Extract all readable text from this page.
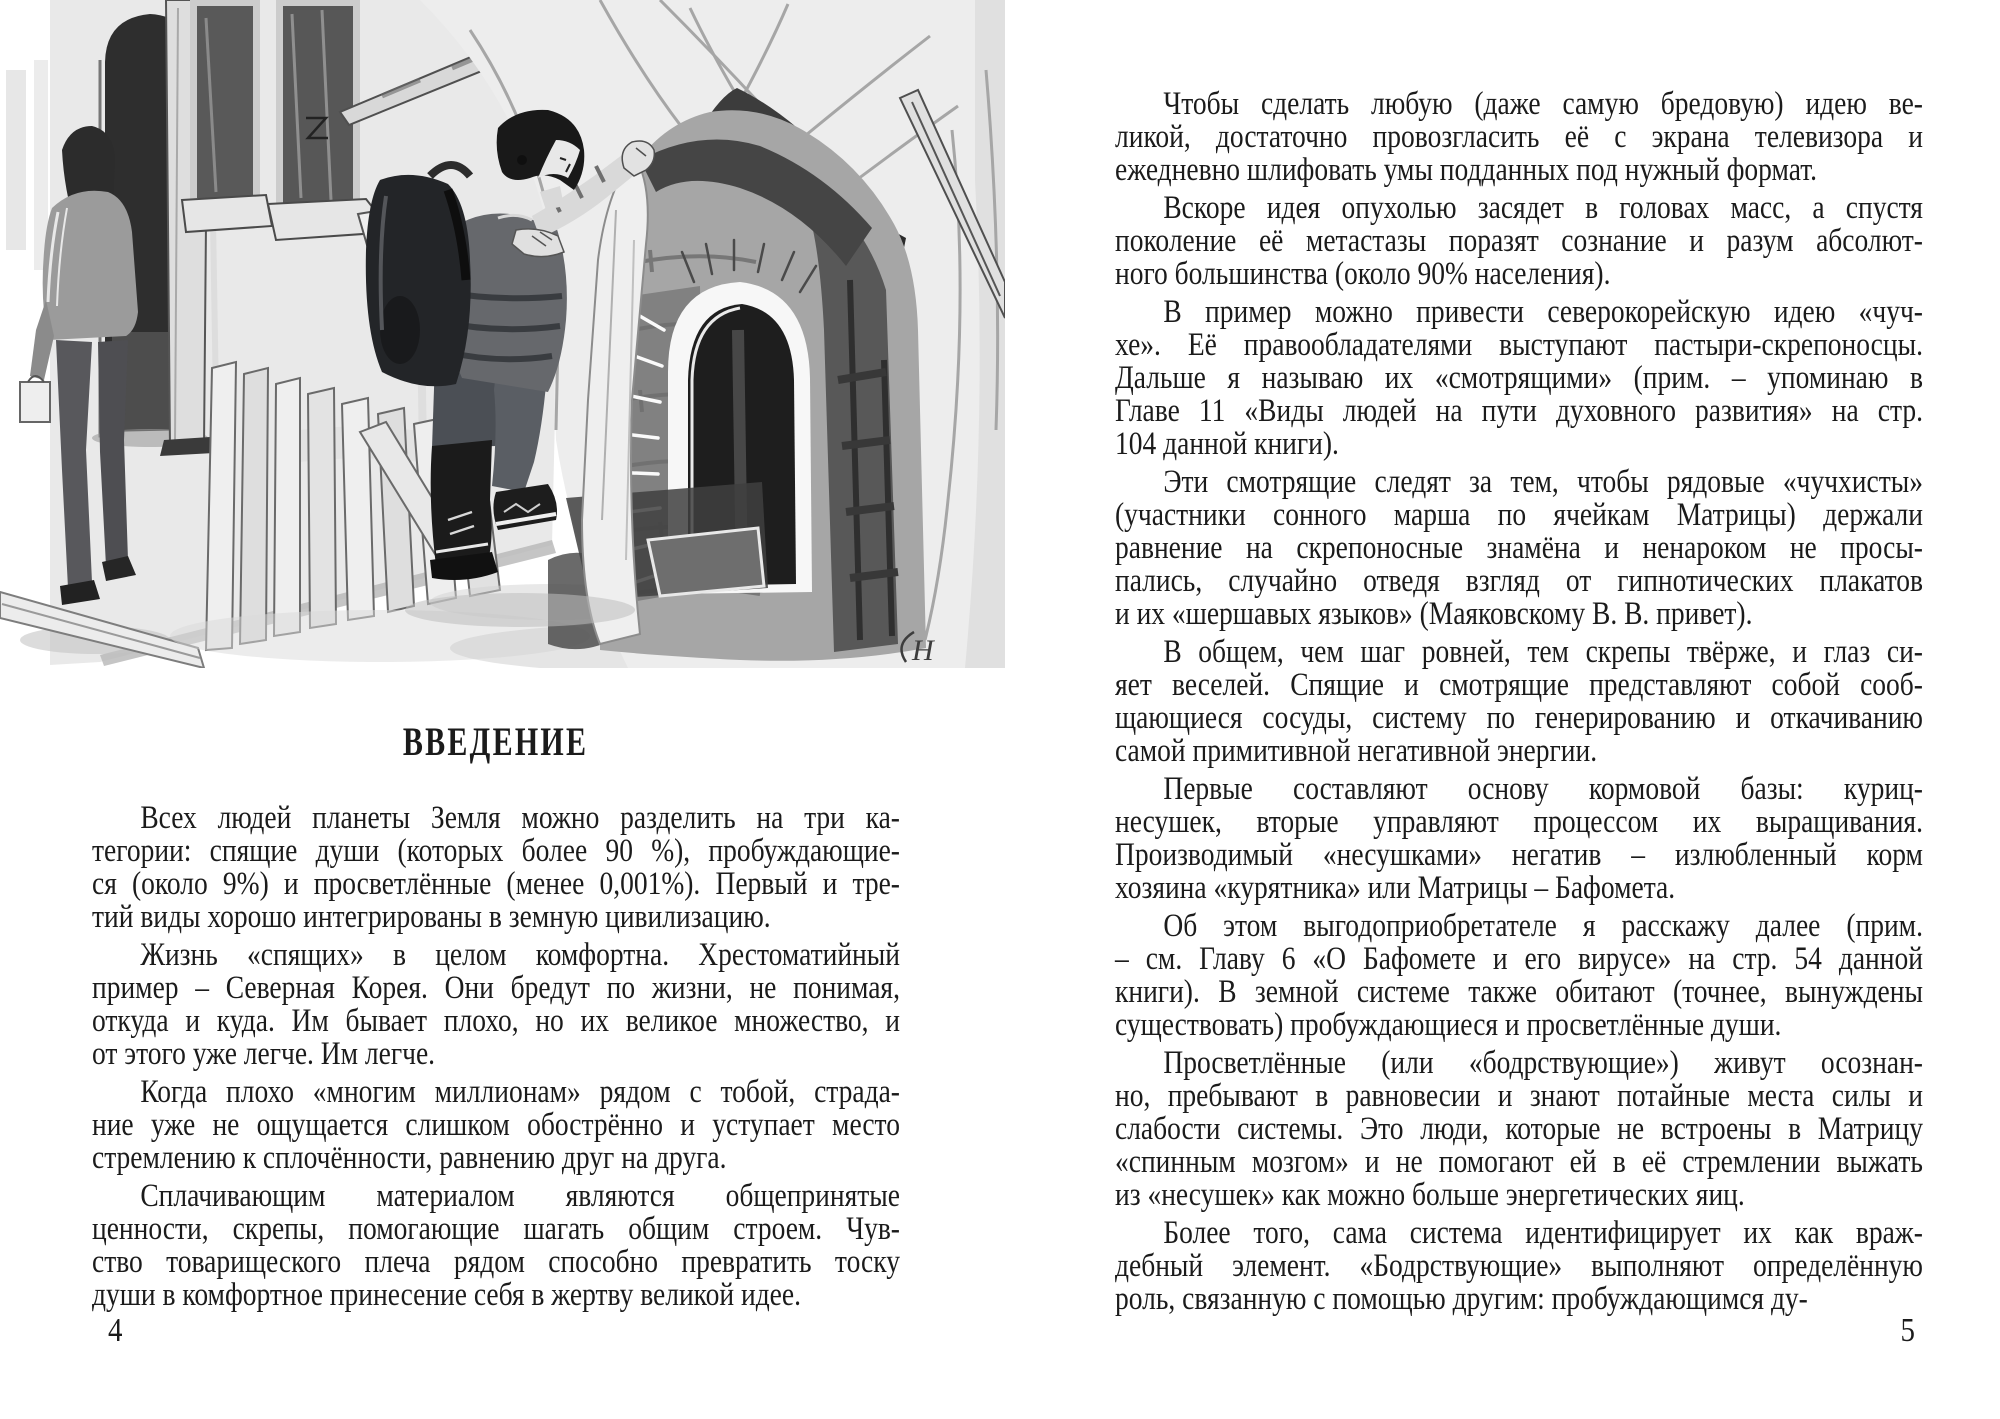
Н
ВВЕДЕНИЕ
Всех людей планеты Земля можно разделить на три ка-
тегории: спящие души (которых более 90 %), пробуждающие-
ся (около 9%) и просветлённые (менее 0,001%). Первый и тре-
тий виды хорошо интегрированы в земную цивилизацию.
Жизнь «спящих» в целом комфортна. Хрестоматийный
пример – Северная Корея. Они бредут по жизни, не понимая,
откуда и куда. Им бывает плохо, но их великое множество, и
от этого уже легче. Им легче.
Когда плохо «многим миллионам» рядом с тобой, страда-
ние уже не ощущается слишком обострённо и уступает место
стремлению к сплочённости, равнению друг на друга.
Сплачивающим материалом являются общепринятые
ценности, скрепы, помогающие шагать общим строем. Чув-
ство товарищеского плеча рядом способно превратить тоску
души в комфортное принесение себя в жертву великой идее.
4
Чтобы сделать любую (даже самую бредовую) идею ве-
ликой, достаточно провозгласить её с экрана телевизора и
ежедневно шлифовать умы подданных под нужный формат.
Вскоре идея опухолью засядет в головах масс, а спустя
поколение её метастазы поразят сознание и разум абсолют-
ного большинства (около 90% населения).
В пример можно привести северокорейскую идею «чуч-
хе». Её правообладателями выступают пастыри-скрепоносцы.
Дальше я называю их «смотрящими» (прим. – упоминаю в
Главе 11 «Виды людей на пути духовного развития» на стр.
104 данной книги).
Эти смотрящие следят за тем, чтобы рядовые «чучхисты»
(участники сонного марша по ячейкам Матрицы) держали
равнение на скрепоносные знамёна и ненароком не просы-
пались, случайно отведя взгляд от гипнотических плакатов
и их «шершавых языков» (Маяковскому В. В. привет).
В общем, чем шаг ровней, тем скрепы твёрже, и глаз си-
яет веселей. Спящие и смотрящие представляют собой сооб-
щающиеся сосуды, систему по генерированию и откачиванию
самой примитивной негативной энергии.
Первые составляют основу кормовой базы: куриц-
несушек, вторые управляют процессом их выращивания.
Производимый «несушками» негатив – излюбленный корм
хозяина «курятника» или Матрицы – Бафомета.
Об этом выгодоприобретателе я расскажу далее (прим.
– см. Главу 6 «О Бафомете и его вирусе» на стр. 54 данной
книги). В земной системе также обитают (точнее, вынуждены
существовать) пробуждающиеся и просветлённые души.
Просветлённые (или «бодрствующие») живут осознан-
но, пребывают в равновесии и знают потайные места силы и
слабости системы. Это люди, которые не встроены в Матрицу
«спинным мозгом» и не помогают ей в её стремлении выжать
из «несушек» как можно больше энергетических яиц.
Более того, сама система идентифицирует их как враж-
дебный элемент. «Бодрствующие» выполняют определённую
роль, связанную с помощью другим: пробуждающимся ду-
5
